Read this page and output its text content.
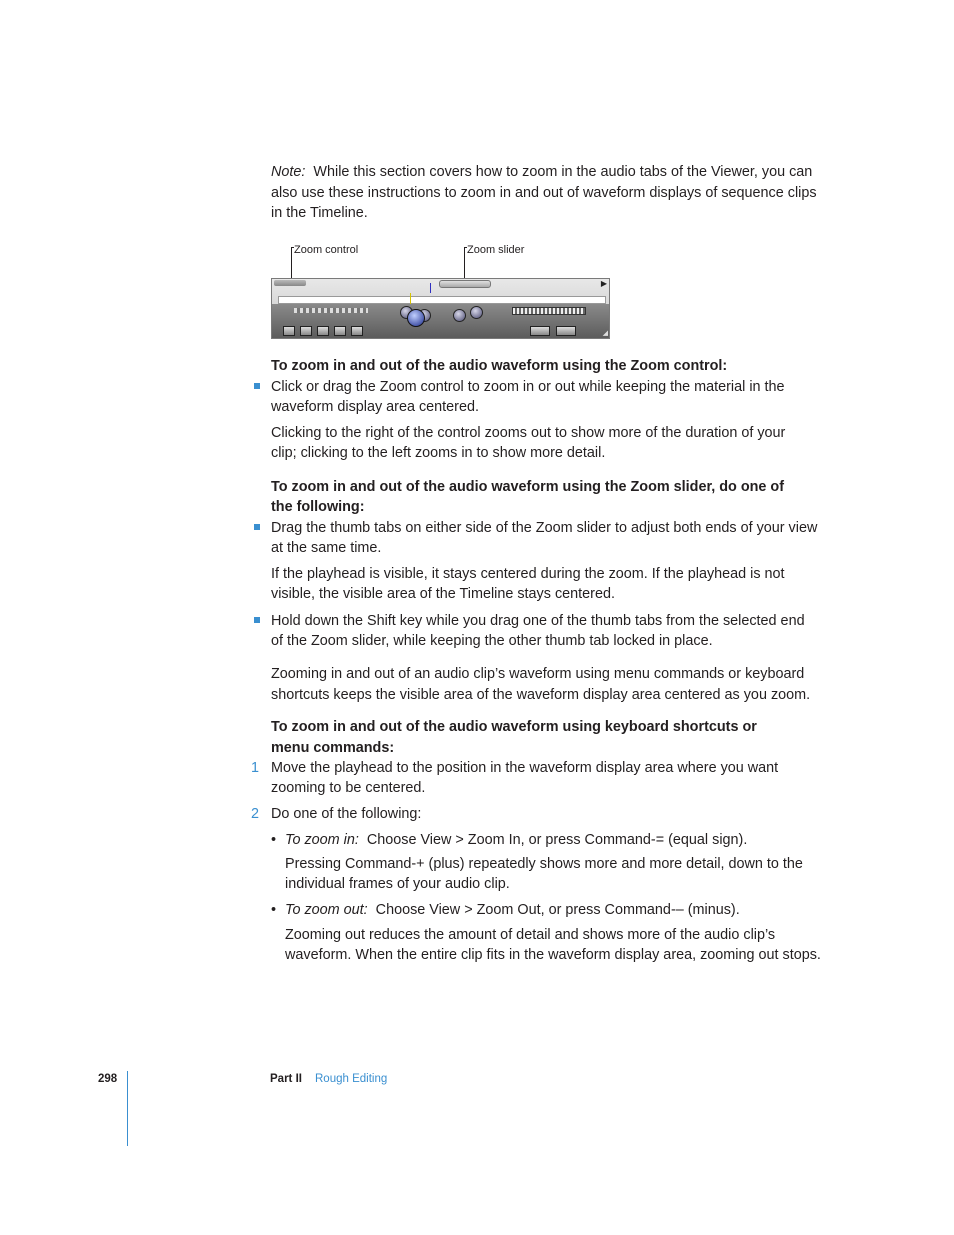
Note: While this section covers how to zoom in the audio tabs of the Viewer, you can
also use these instructions to zoom in and out of waveform displays of sequence clips
in the Timeline.
Zoom control	Zoom slider
▶
◢
To zoom in and out of the audio waveform using the Zoom control:
Click or drag the Zoom control to zoom in or out while keeping the material in the
waveform display area centered.
Clicking to the right of the control zooms out to show more of the duration of your
clip; clicking to the left zooms in to show more detail.
To zoom in and out of the audio waveform using the Zoom slider, do one of
the following:
Drag the thumb tabs on either side of the Zoom slider to adjust both ends of your view
at the same time.
If the playhead is visible, it stays centered during the zoom. If the playhead is not
visible, the visible area of the Timeline stays centered.
Hold down the Shift key while you drag one of the thumb tabs from the selected end
of the Zoom slider, while keeping the other thumb tab locked in place.
Zooming in and out of an audio clip’s waveform using menu commands or keyboard
shortcuts keeps the visible area of the waveform display area centered as you zoom.
To zoom in and out of the audio waveform using keyboard shortcuts or
menu commands:
1 Move the playhead to the position in the waveform display area where you want
zooming to be centered.
2 Do one of the following:
• To zoom in: Choose View > Zoom In, or press Command-= (equal sign).
Pressing Command-+ (plus) repeatedly shows more and more detail, down to the
individual frames of your audio clip.
• To zoom out: Choose View > Zoom Out, or press Command-– (minus).
Zooming out reduces the amount of detail and shows more of the audio clip’s
waveform. When the entire clip fits in the waveform display area, zooming out stops.
298	Part II Rough Editing
